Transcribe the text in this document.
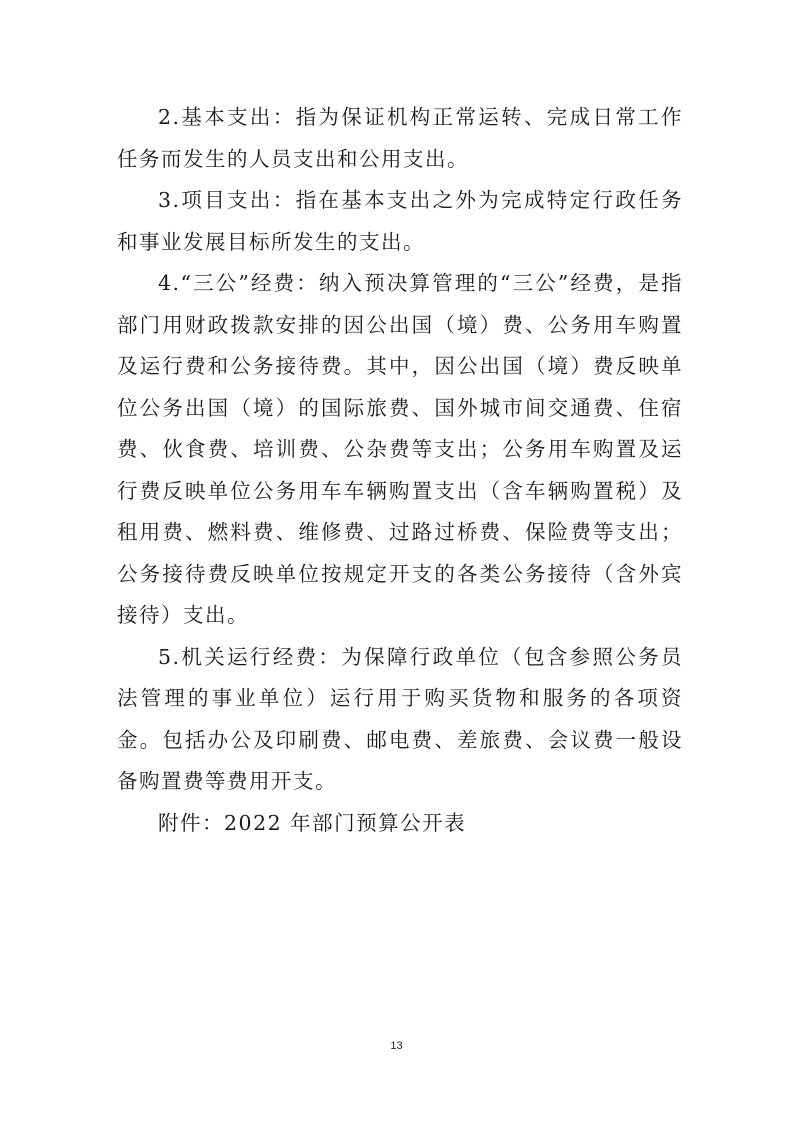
2.基本支出：指为保证机构正常运转、完成日常工作任务而发生的人员支出和公用支出。

3.项目支出：指在基本支出之外为完成特定行政任务和事业发展目标所发生的支出。

4.“三公”经费：纳入预决算管理的“三公”经费，是指部门用财政拨款安排的因公出国（境）费、公务用车购置及运行费和公务接待费。其中，因公出国（境）费反映单位公务出国（境）的国际旅费、国外城市间交通费、住宿费、伙食费、培训费、公杂费等支出；公务用车购置及运行费反映单位公务用车车辆购置支出（含车辆购置税）及租用费、燃料费、维修费、过路过桥费、保险费等支出；公务接待费反映单位按规定开支的各类公务接待（含外宾接待）支出。

5.机关运行经费：为保障行政单位（包含参照公务员法管理的事业单位）运行用于购买货物和服务的各项资金。包括办公及印刷费、邮电费、差旅费、会议费一般设备购置费等费用开支。

附件：2022 年部门预算公开表

13
